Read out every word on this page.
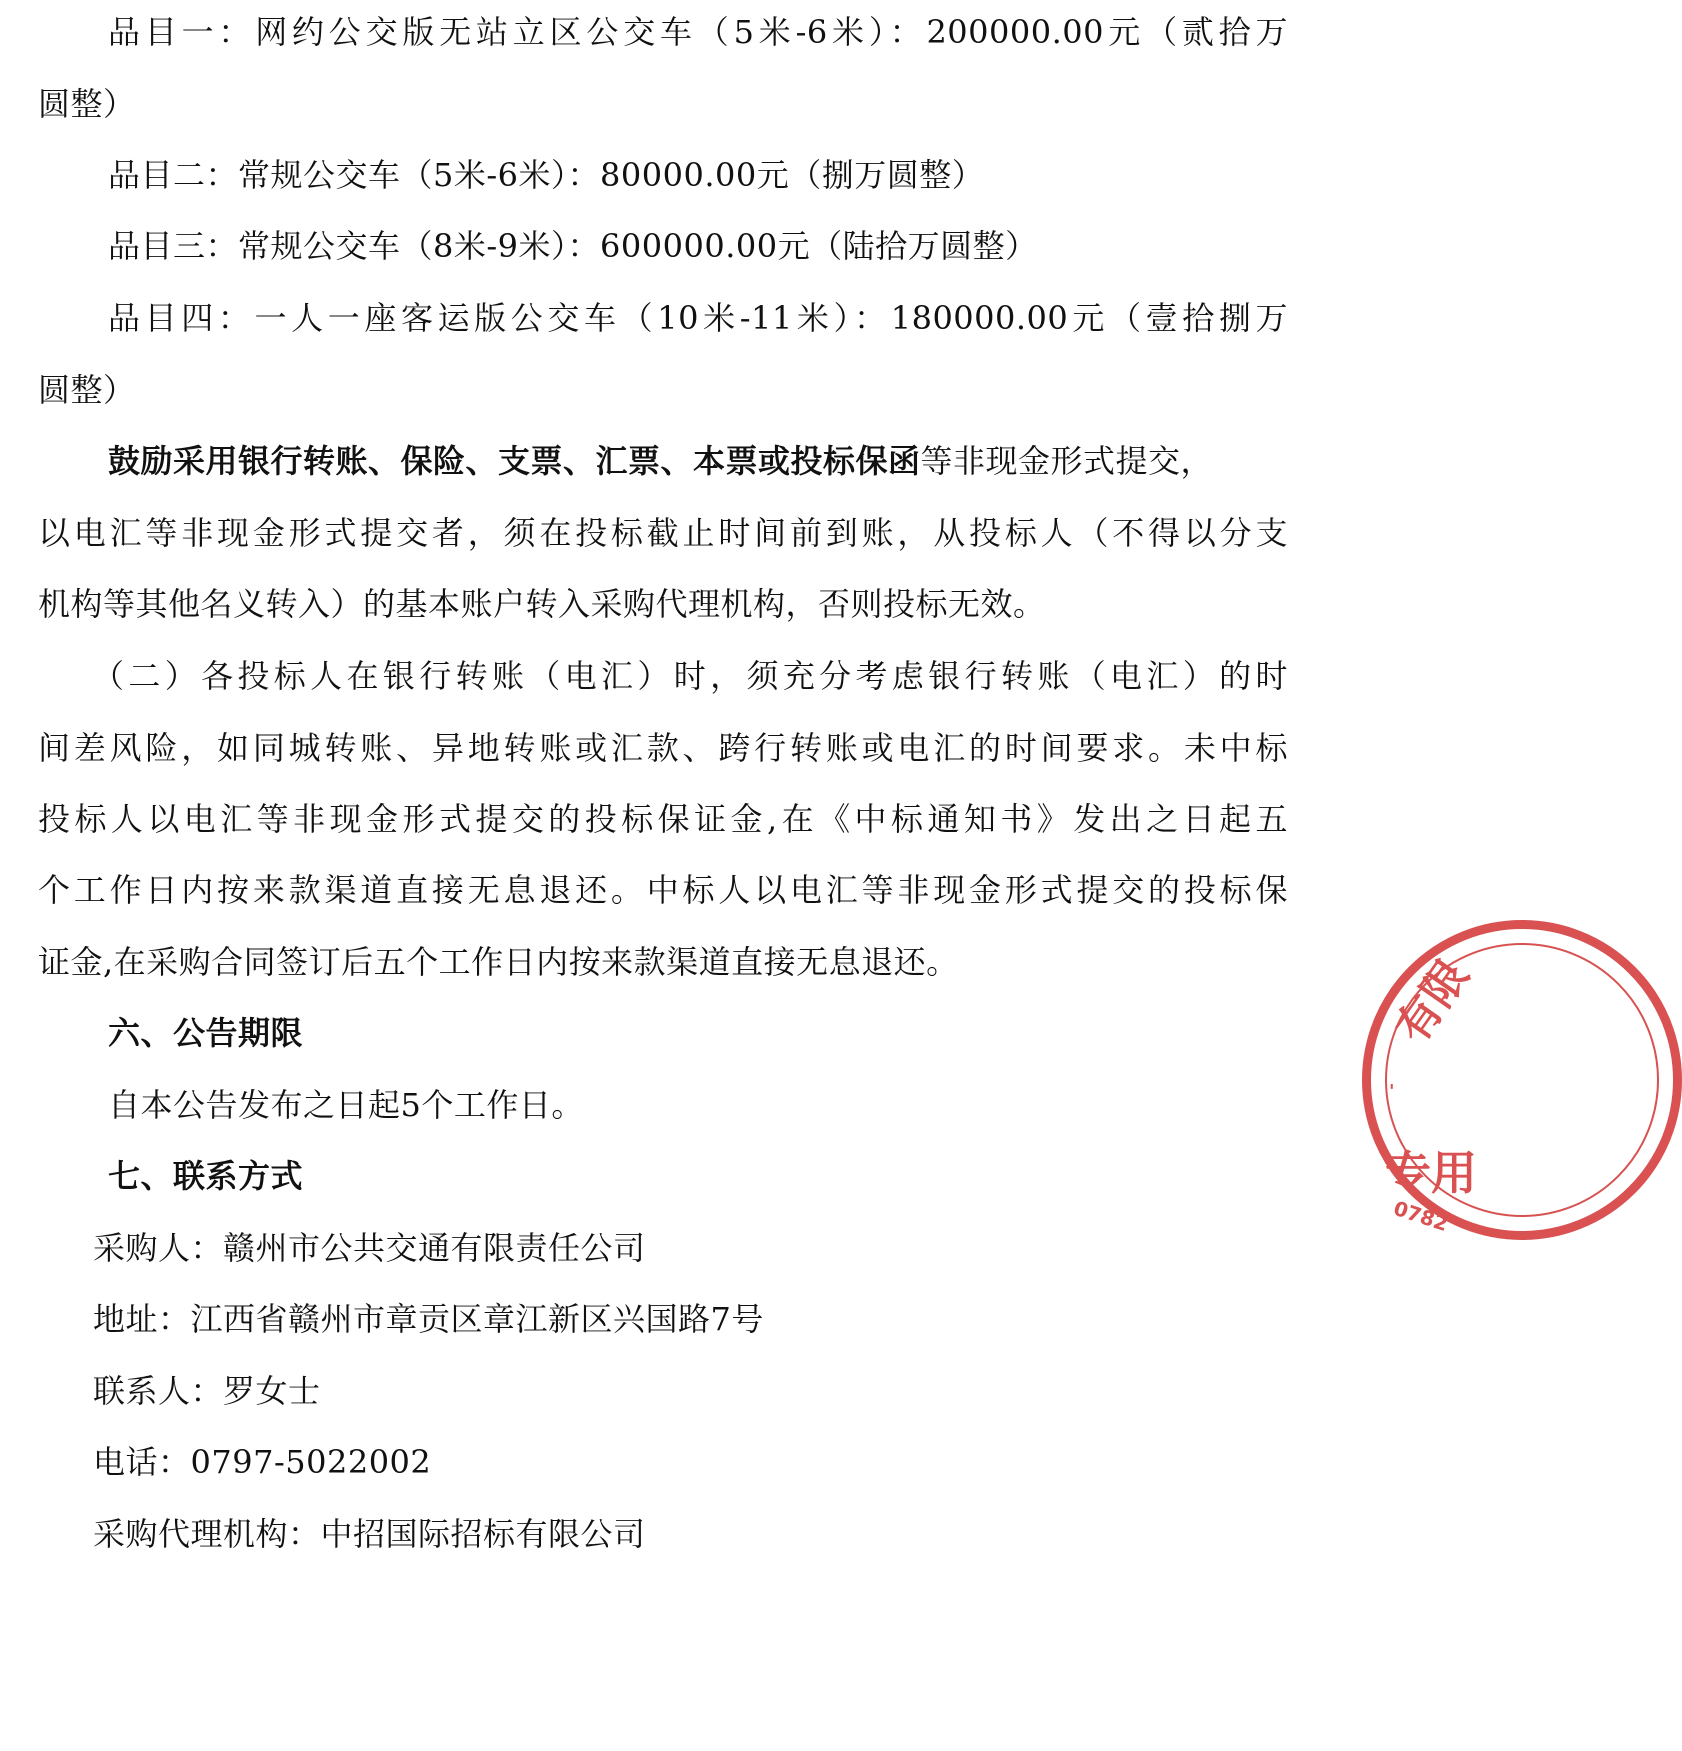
品目一：网约公交版无站立区公交车（5米-6米）：200000.00元（贰拾万
圆整）
品目二：常规公交车（5米-6米）：80000.00元（捌万圆整）
品目三：常规公交车（8米-9米）：600000.00元（陆拾万圆整）
品目四：一人一座客运版公交车（10米-11米）：180000.00元（壹拾捌万
圆整）
鼓励采用银行转账、保险、支票、汇票、本票或投标保函等非现金形式提交，
以电汇等非现金形式提交者，须在投标截止时间前到账，从投标人（不得以分支
机构等其他名义转入）的基本账户转入采购代理机构，否则投标无效。
（二）各投标人在银行转账（电汇）时，须充分考虑银行转账（电汇）的时
间差风险，如同城转账、异地转账或汇款、跨行转账或电汇的时间要求。未中标
投标人以电汇等非现金形式提交的投标保证金,在《中标通知书》发出之日起五
个工作日内按来款渠道直接无息退还。中标人以电汇等非现金形式提交的投标保
证金,在采购合同签订后五个工作日内按来款渠道直接无息退还。
六、公告期限
自本公告发布之日起5个工作日。
七、联系方式
采购人：赣州市公共交通有限责任公司
地址：江西省赣州市章贡区章江新区兴国路7号
联系人：罗女士
电话：0797-5022002
采购代理机构：中招国际招标有限公司
有限
'
专用
0782
